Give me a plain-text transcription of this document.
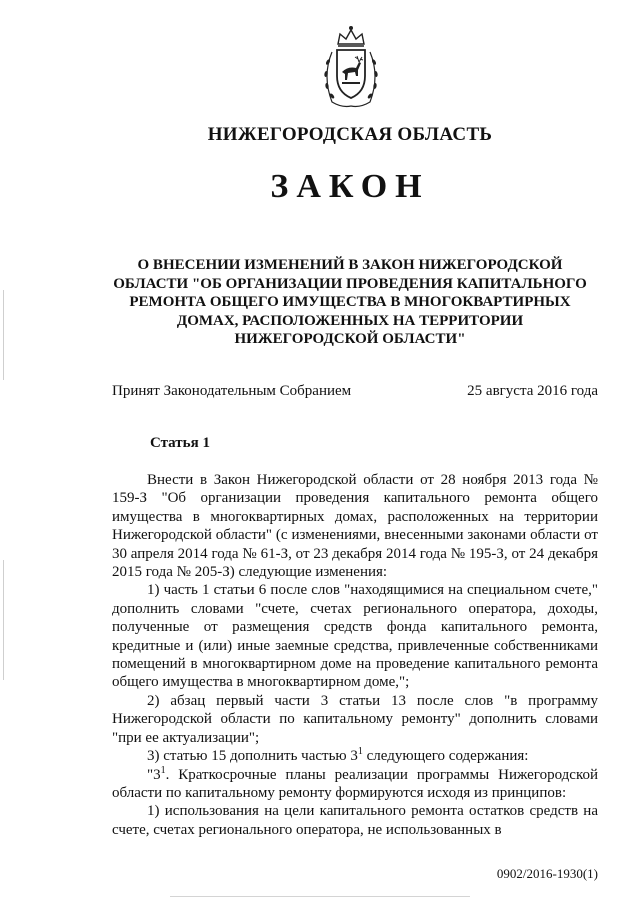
НИЖЕГОРОДСКАЯ ОБЛАСТЬ
ЗАКОН
О ВНЕСЕНИИ ИЗМЕНЕНИЙ В ЗАКОН НИЖЕГОРОДСКОЙ
ОБЛАСТИ "ОБ ОРГАНИЗАЦИИ ПРОВЕДЕНИЯ КАПИТАЛЬНОГО
РЕМОНТА ОБЩЕГО ИМУЩЕСТВА В МНОГОКВАРТИРНЫХ
ДОМАХ, РАСПОЛОЖЕННЫХ НА ТЕРРИТОРИИ
НИЖЕГОРОДСКОЙ ОБЛАСТИ"
Принят Законодательным Собранием	25 августа 2016 года
Статья 1

Внести в Закон Нижегородской области от 28 ноября 2013 года № 159-З "Об организации проведения капитального ремонта общего имущества в многоквартирных домах, расположенных на территории Нижегородской области" (с изменениями, внесенными законами области от 30 апреля 2014 года № 61-З, от 23 декабря 2014 года № 195-З, от 24 декабря 2015 года № 205-З) следующие изменения:

1) часть 1 статьи 6 после слов "находящимися на специальном счете," дополнить словами "счете, счетах регионального оператора, доходы, полученные от размещения средств фонда капитального ремонта, кредитные и (или) иные заемные средства, привлеченные собственниками помещений в многоквартирном доме на проведение капитального ремонта общего имущества в многоквартирном доме,";

2) абзац первый части 3 статьи 13 после слов "в программу Нижегородской области по капитальному ремонту" дополнить словами "при ее актуализации";

3) статью 15 дополнить частью $3^1$ следующего содержания:

"$3^1$. Краткосрочные планы реализации программы Нижегородской области по капитальному ремонту формируются исходя из принципов:

1) использования на цели капитального ремонта остатков средств на счете, счетах регионального оператора, не использованных в

0902/2016-1930(1)
